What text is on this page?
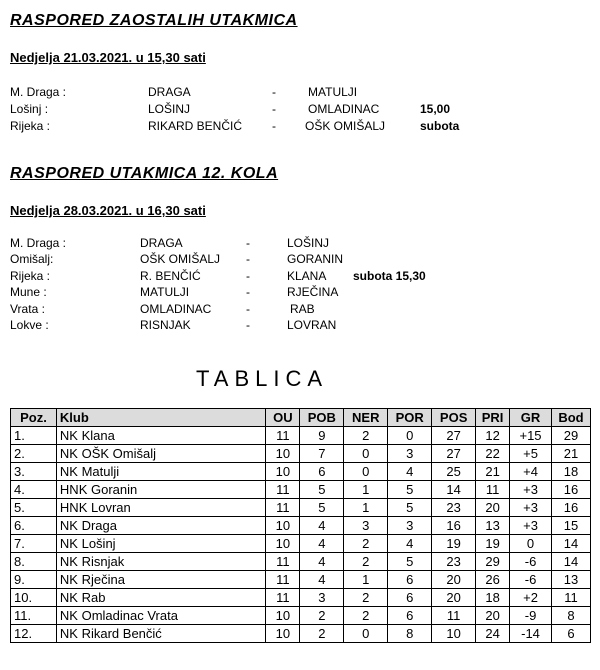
RASPORED ZAOSTALIH UTAKMICA
Nedjelja 21.03.2021. u 15,30 sati
M. Draga :	DRAGA	-	MATULJI
Lošinj :	LOŠINJ	-	OMLADINAC	15,00
Rijeka :	RIKARD BENČIĆ - OŠK OMIŠALJ	subota
RASPORED UTAKMICA 12. KOLA
Nedjelja 28.03.2021. u 16,30 sati
M. Draga :	DRAGA	-	LOŠINJ
Omišalj:	OŠK OMIŠALJ -	GORANIN
Rijeka :	R. BENČIĆ	-	KLANA subota 15,30
Mune :	MATULJI	-	RJEČINA
Vrata :	OMLADINAC	-	RAB
Lokve :	RISNJAK	-	LOVRAN
TABLICA
Poz.	Klub	OU	POB	NER	POR	POS	PRI	GR	Bod
1.	NK Klana	11	9	2	0	27	12	+15	29
2.	NK OŠK Omišalj	10	7	0	3	27	22	+5	21
3.	NK Matulji	10	6	0	4	25	21	+4	18
4.	HNK Goranin	11	5	1	5	14	11	+3	16
5.	HNK Lovran	11	5	1	5	23	20	+3	16
6.	NK Draga	10	4	3	3	16	13	+3	15
7.	NK Lošinj	10	4	2	4	19	19	0	14
8.	NK Risnjak	11	4	2	5	23	29	-6	14
9.	NK Rječina	11	4	1	6	20	26	-6	13
10.	NK Rab	11	3	2	6	20	18	+2	11
11.	NK Omladinac Vrata	10	2	2	6	11	20	-9	8
12.	NK Rikard Benčić	10	2	0	8	10	24	-14	6
